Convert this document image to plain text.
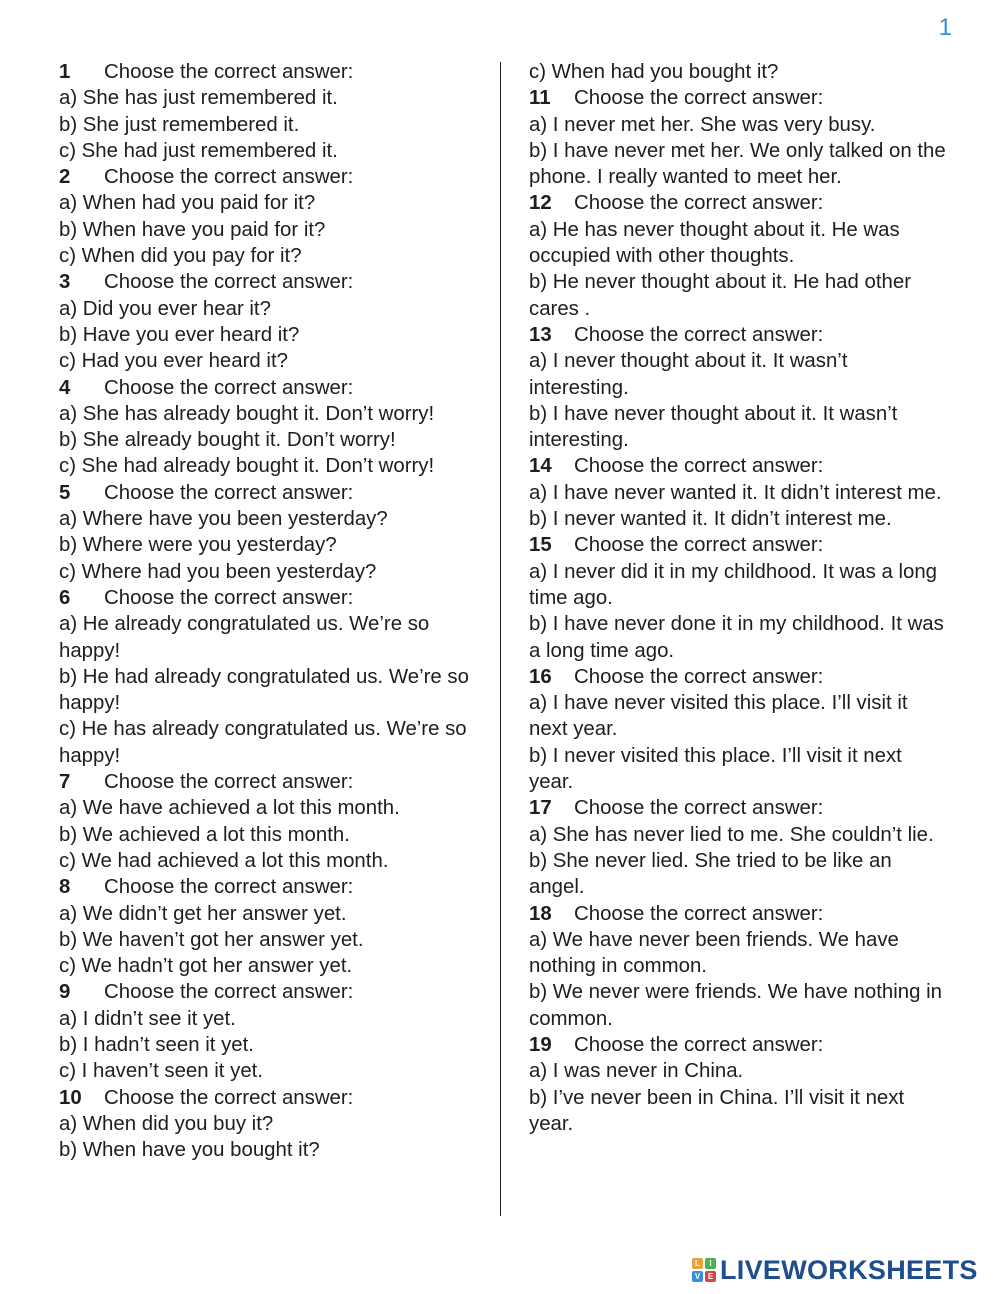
1
1 Choose the correct answer:
a) She has just remembered it.
b) She just remembered it.
c) She had just remembered it.
2 Choose the correct answer:
a) When had you paid for it?
b) When have you paid for it?
c) When did you pay for it?
3 Choose the correct answer:
a) Did you ever hear it?
b) Have you ever heard it?
c) Had you ever heard it?
4 Choose the correct answer:
a) She has already bought it. Don’t worry!
b) She already bought it. Don’t worry!
c) She had already bought it. Don’t worry!
5 Choose the correct answer:
a) Where have you been yesterday?
b) Where were you yesterday?
c) Where had you been yesterday?
6 Choose the correct answer:
a) He already congratulated us. We’re so happy!
b) He had already congratulated us. We’re so happy!
c) He has already congratulated us. We’re so happy!
7 Choose the correct answer:
a) We have achieved a lot this month.
b) We achieved a lot this month.
c) We had achieved a lot this month.
8 Choose the correct answer:
a) We didn’t get her answer yet.
b) We haven’t got her answer yet.
c) We hadn’t got her answer yet.
9 Choose the correct answer:
a) I didn’t see it yet.
b) I hadn’t seen it yet.
c) I haven’t seen it yet.
10 Choose the correct answer:
a) When did you buy it?
b) When have you bought it?
c) When had you bought it?
11 Choose the correct answer:
a) I never met her. She was very busy.
b) I have never met her. We only talked on the phone. I really wanted to meet her.
12 Choose the correct answer:
a) He has never thought about it. He was occupied with other thoughts.
b) He never thought about it. He had other cares .
13 Choose the correct answer:
a) I never thought about it. It wasn’t interesting.
b) I have never thought about it. It wasn’t interesting.
14 Choose the correct answer:
a) I have never wanted it. It didn’t interest me.
b) I never wanted it. It didn’t interest me.
15 Choose the correct answer:
a) I never did it in my childhood. It was a long time ago.
b) I have never done it in my childhood. It was a long time ago.
16 Choose the correct answer:
a) I have never visited this place. I’ll visit it next year.
b) I never visited this place. I’ll visit it next year.
17 Choose the correct answer:
a) She has never lied to me. She couldn’t lie.
b) She never lied. She tried to be like an angel.
18 Choose the correct answer:
a) We have never been friends. We have nothing in common.
b) We never were friends. We have nothing in common.
19 Choose the correct answer:
a) I was never in China.
b) I’ve never been in China. I’ll visit it next year.
L	I
V E LIVEWORKSHEETS
